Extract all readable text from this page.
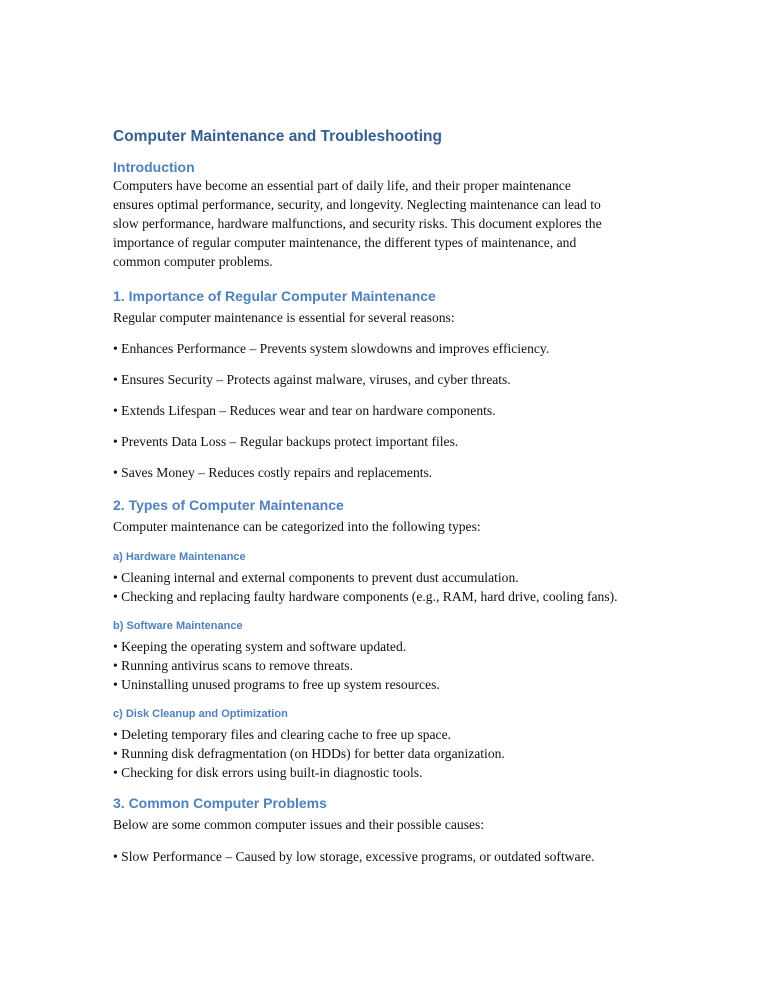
Computer Maintenance and Troubleshooting
Introduction

Computers have become an essential part of daily life, and their proper maintenance

ensures optimal performance, security, and longevity. Neglecting maintenance can lead to

slow performance, hardware malfunctions, and security risks. This document explores the

importance of regular computer maintenance, the different types of maintenance, and

common computer problems.

1. Importance of Regular Computer Maintenance

Regular computer maintenance is essential for several reasons:

• Enhances Performance – Prevents system slowdowns and improves efficiency.

• Ensures Security – Protects against malware, viruses, and cyber threats.

• Extends Lifespan – Reduces wear and tear on hardware components.

• Prevents Data Loss – Regular backups protect important files.

• Saves Money – Reduces costly repairs and replacements.

2. Types of Computer Maintenance

Computer maintenance can be categorized into the following types:

a) Hardware Maintenance

• Cleaning internal and external components to prevent dust accumulation.

• Checking and replacing faulty hardware components (e.g., RAM, hard drive, cooling fans).

b) Software Maintenance

• Keeping the operating system and software updated.

• Running antivirus scans to remove threats.

• Uninstalling unused programs to free up system resources.

c) Disk Cleanup and Optimization

• Deleting temporary files and clearing cache to free up space.

• Running disk defragmentation (on HDDs) for better data organization.

• Checking for disk errors using built-in diagnostic tools.

3. Common Computer Problems

Below are some common computer issues and their possible causes:

• Slow Performance – Caused by low storage, excessive programs, or outdated software.
